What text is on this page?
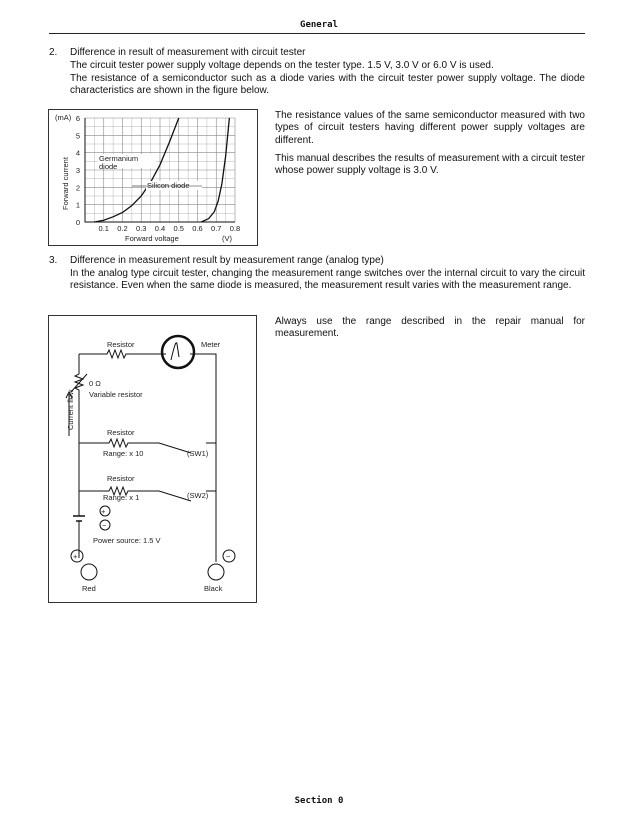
General
2. Difference in result of measurement with circuit tester
The circuit tester power supply voltage depends on the tester type. 1.5 V, 3.0 V or 6.0 V is used.
The resistance of a semiconductor such as a diode varies with the circuit tester power supply voltage. The diode characteristics are shown in the figure below.
(mA)
Forward current
Forward voltage	(V)
0
1
2
3
4
5
6
0.1 0.2 0.3 0.4 0.5 0.6 0.7 0.8
Germanium
diode
Silicon diode
The resistance values of the same semiconductor measured with two types of circuit testers having different power supply voltages are different.
This manual describes the results of measurement with a circuit tester whose power supply voltage is 3.0 V.
3. Difference in measurement result by measurement range (analog type)
In the analog type circuit tester, changing the measurement range switches over the internal circuit to vary the circuit resistance. Even when the same diode is measured, the measurement result varies with the measurement range.
Always use the range described in the repair manual for measurement.
Resistor	Meter
0 Ω
Variable resistor
Current flow
Resistor
Range: x 10	(SW1)
Resistor
Range: x 1	(SW2)
+
−
Power source: 1.5 V
+	−
Red	Black
Section 0
